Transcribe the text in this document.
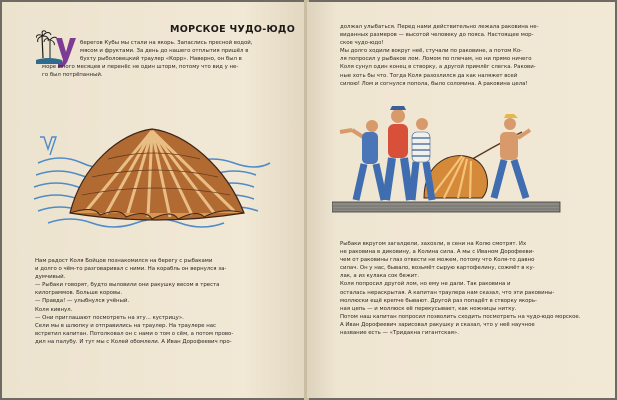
МОРСКОЕ ЧУДО-ЮДО

берегов Кубы мы стали на якорь. Запаслись пресной водой,

мясом и фруктами. За день до нашего отплытия пришёл в

бухту рыболовецкий траулер «Корр». Наверно, он был в

море много месяцев и перенёс не один шторм, потому что вид у не-

го был потрёпанный.

Нам радост Коля Бойцов познакомился на берегу с рыбаками

и долго о чём-то разговаривал с ними. На корабль он вернулся за-

думчивый.

— Рыбаки говорят, будто выловили они ракушку весом в треста

килограммов. Больше коровы.

— Правда! — улыбнулся учёный.

Коля кивнул.

— Они приглашают посмотреть на эту... кустрицу».

Сели мы в шлюпку и отправились на траулер. На траулере нас

встретил капитан. Потолковал он с нами о том о сём, а потом прово-

дил на палубу. И тут мы с Колей обомлели. А Иван Дорофеевич про-

должал улыбаться. Перед нами действительно лежала раковина не-

виданных размеров — высотой человеку до пояса. Настоящее мор-

ское чудо-юдо!

Мы долго ходили вокруг неё, стучали по раковине, а потом Ко-

ля попросил у рыбаков лом. Ломом по плечам, но ни прямо ничего

Коля сунул один конец в створку, а другой примлёг слегка. Ракови-

ные хоть бы что. Тогда Коля разозлился да как наляжет всей

силою! Лом и согнулся попола, было соломина. А раковина цела!

Рыбаки вкругом загалдели, захохли, в сени на Колю смотрят. Их

не раковина в диковину, а Колина сила. А мы с Иваном Дорофееви-

чем от раковины глаз отвести не можем, потому что Коля-то давно

силач. Он у нас, бывало, возьмёт сырую картофелину, сожмёт в ку-

лак, а из кулака сок бежит.

Коля попросил другой лом, но ему не дали. Так раковина и

осталась нераскрытая. А капитан траулера нам сказал, что эти раковины-

моллюски ещё крепче бывают. Другой раз попадёт в створку якорь-

ная цепь — и моллюск её перекусывает, как ножницы нитку.

Потом наш капитан попросил позволить сходить посмотреть на чудо-юдо морское.

А Иван Дорофеевич зарисовал ракушку и сказал, что у неё научное

название есть — «Тридакна гигантская».
